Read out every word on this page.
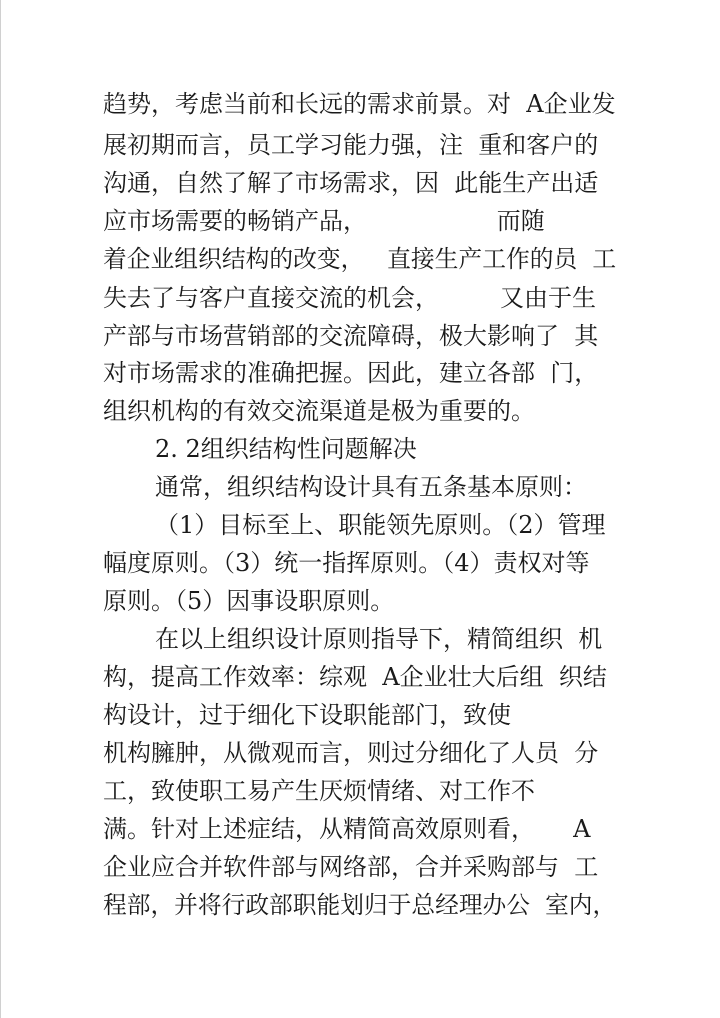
趋势，考虑当前和长远的需求前景。对  A企业发
展初期而言，员工学习能力强，注  重和客户的
沟通，自然了解了市场需求，因  此能生产出适
应市场需要的畅销产品，                 而随
着企业组织结构的改变，   直接生产工作的员  工
失去了与客户直接交流的机会，        又由于生
产部与市场营销部的交流障碍，极大影响了  其
对市场需求的准确把握。因此，建立各部  门，
组织机构的有效交流渠道是极为重要的。
2. 2组织结构性问题解决
通常，组织结构设计具有五条基本原则：
（1）目标至上、职能领先原则。（2）管理
幅度原则。（3）统一指挥原则。（4）责权对等
原则。（5）因事设职原则。
在以上组织设计原则指导下，精简组织  机
构，提高工作效率：综观  A企业壮大后组  织结
构设计，过于细化下设职能部门，致使
机构臃肿，从微观而言，则过分细化了人员  分
工，致使职工易产生厌烦情绪、对工作不
满。针对上述症结，从精简高效原则看，     A
企业应合并软件部与网络部，合并采购部与  工
程部，并将行政部职能划归于总经理办公  室内，
